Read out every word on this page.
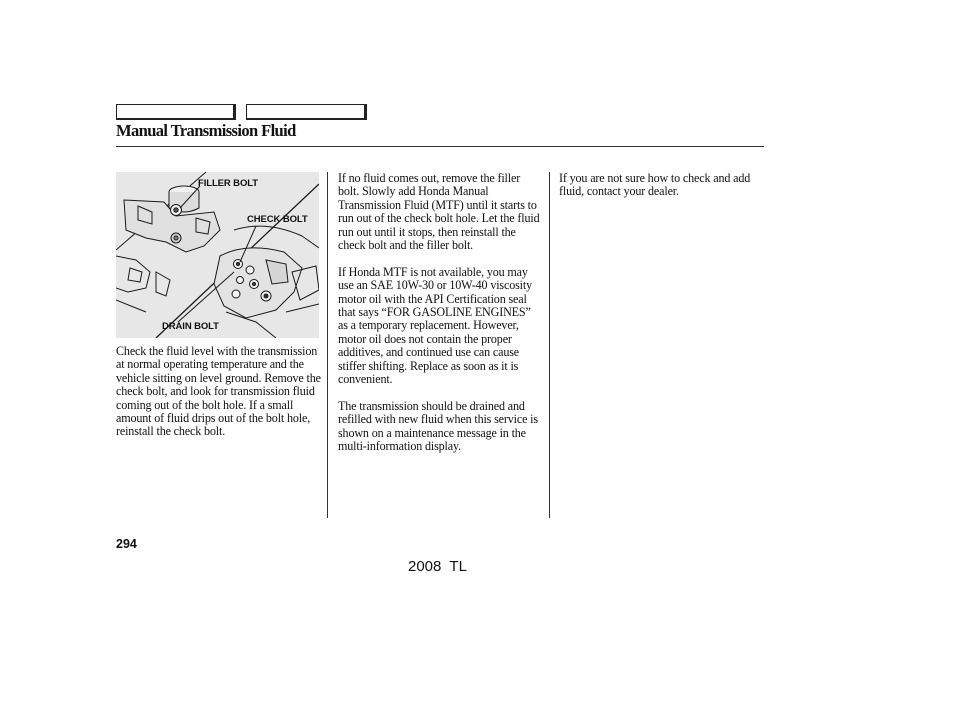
Manual Transmission Fluid
FILLER BOLT
CHECK BOLT
DRAIN BOLT

Check the fluid level with the transmission at normal operating temperature and the vehicle sitting on level ground. Remove the check bolt, and look for transmission fluid coming out of the bolt hole. If a small amount of fluid drips out of the bolt hole, reinstall the check bolt.

If no fluid comes out, remove the filler bolt. Slowly add Honda Manual Transmission Fluid (MTF) until it starts to run out of the check bolt hole. Let the fluid run out until it stops, then reinstall the check bolt and the filler bolt.

If Honda MTF is not available, you may use an SAE 10W-30 or 10W-40 viscosity motor oil with the API Certification seal that says “FOR GASOLINE ENGINES” as a temporary replacement. However, motor oil does not contain the proper additives, and continued use can cause stiffer shifting. Replace as soon as it is convenient.

The transmission should be drained and refilled with new fluid when this service is shown on a maintenance message in the multi-information display.

If you are not sure how to check and add fluid, contact your dealer.

294
2008  TL
